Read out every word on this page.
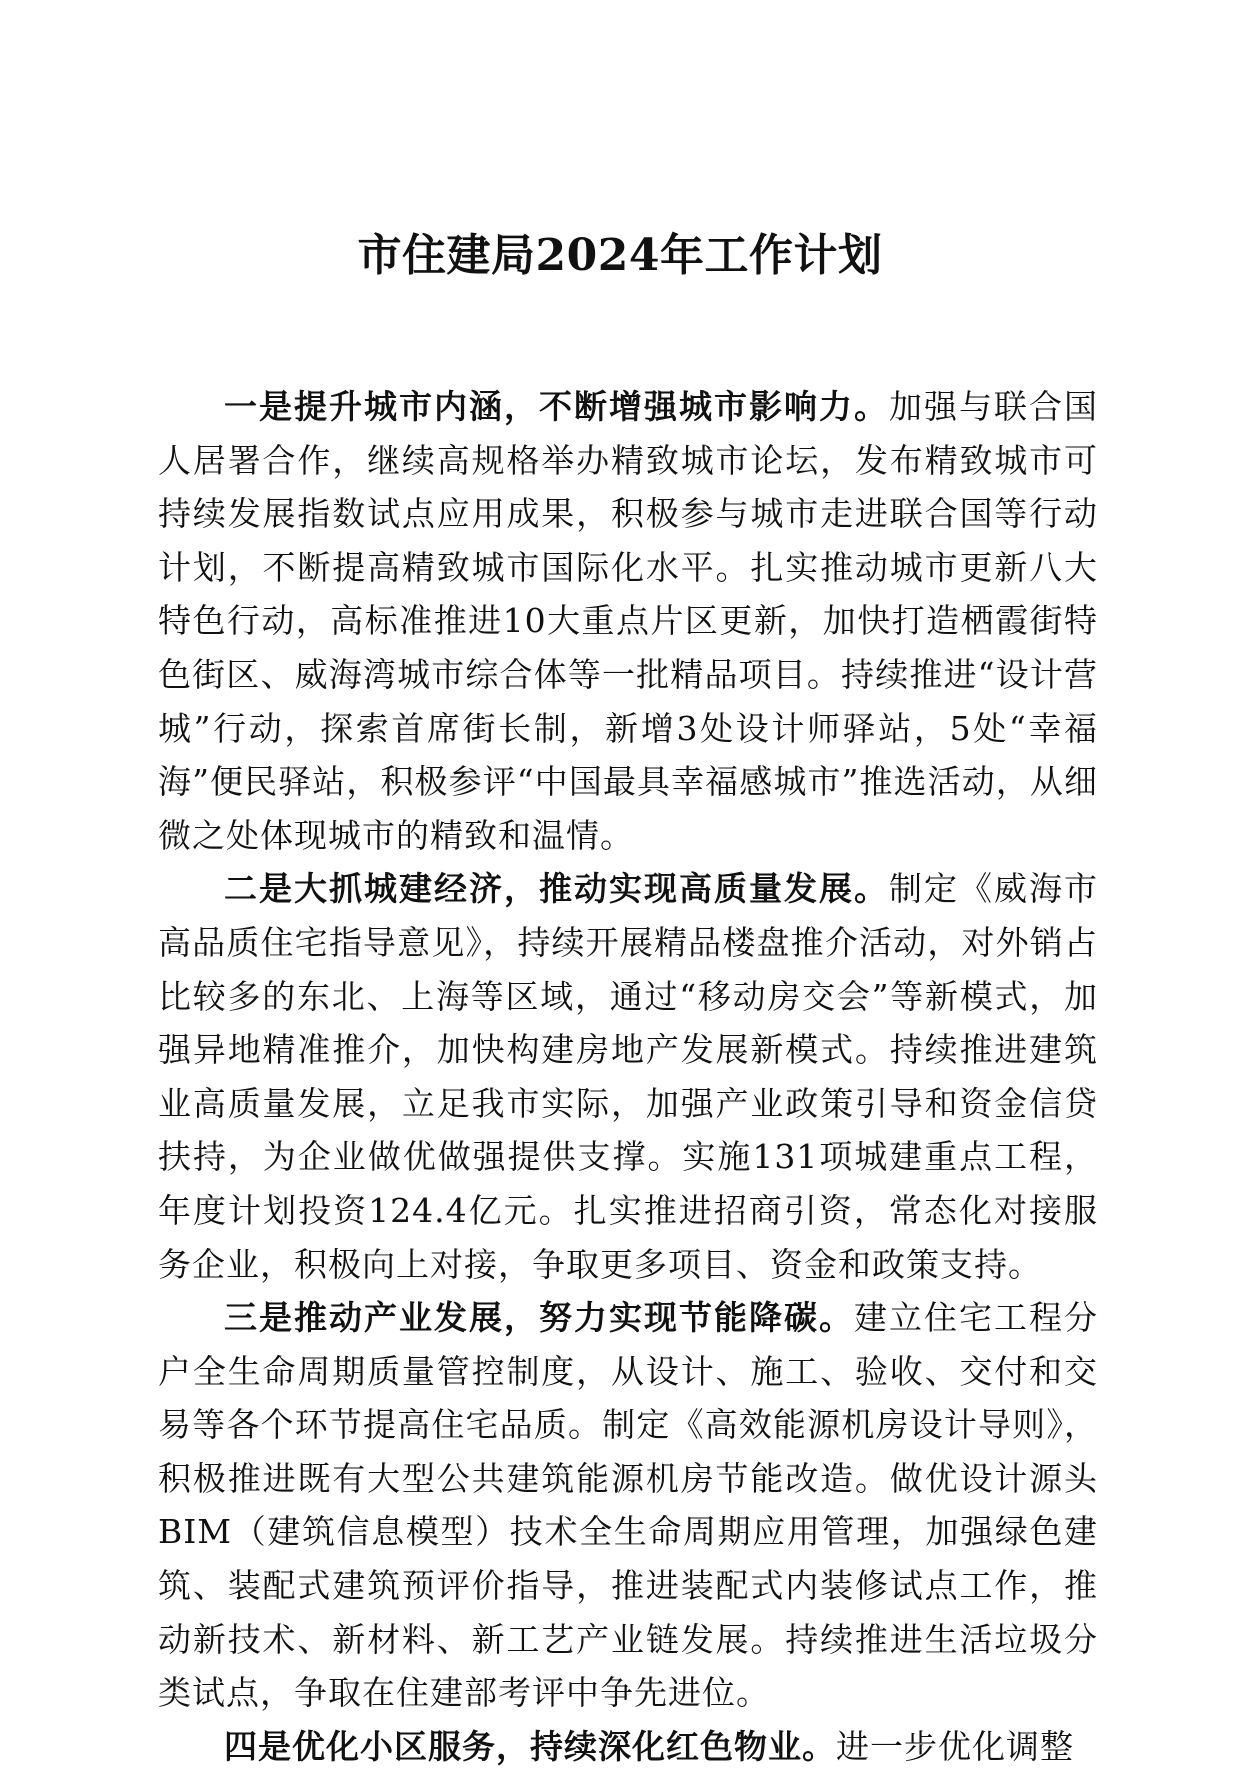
市住建局2024年工作计划

一是提升城市内涵，不断增强城市影响力。加强与联合国人居署合作，继续高规格举办精致城市论坛，发布精致城市可持续发展指数试点应用成果，积极参与城市走进联合国等行动计划，不断提高精致城市国际化水平。扎实推动城市更新八大特色行动，高标准推进10大重点片区更新，加快打造栖霞街特色街区、威海湾城市综合体等一批精品项目。持续推进“设计营城”行动，探索首席街长制，新增3处设计师驿站，5处“幸福海”便民驿站，积极参评“中国最具幸福感城市”推选活动，从细微之处体现城市的精致和温情。

二是大抓城建经济，推动实现高质量发展。制定《威海市高品质住宅指导意见》，持续开展精品楼盘推介活动，对外销占比较多的东北、上海等区域，通过“移动房交会”等新模式，加强异地精准推介，加快构建房地产发展新模式。持续推进建筑业高质量发展，立足我市实际，加强产业政策引导和资金信贷扶持，为企业做优做强提供支撑。实施131项城建重点工程，年度计划投资124.4亿元。扎实推进招商引资，常态化对接服务企业，积极向上对接，争取更多项目、资金和政策支持。

三是推动产业发展，努力实现节能降碳。建立住宅工程分户全生命周期质量管控制度，从设计、施工、验收、交付和交易等各个环节提高住宅品质。制定《高效能源机房设计导则》，积极推进既有大型公共建筑能源机房节能改造。做优设计源头BIM（建筑信息模型）技术全生命周期应用管理，加强绿色建筑、装配式建筑预评价指导，推进装配式内装修试点工作，推动新技术、新材料、新工艺产业链发展。持续推进生活垃圾分类试点，争取在住建部考评中争先进位。

四是优化小区服务，持续深化红色物业。进一步优化调整
